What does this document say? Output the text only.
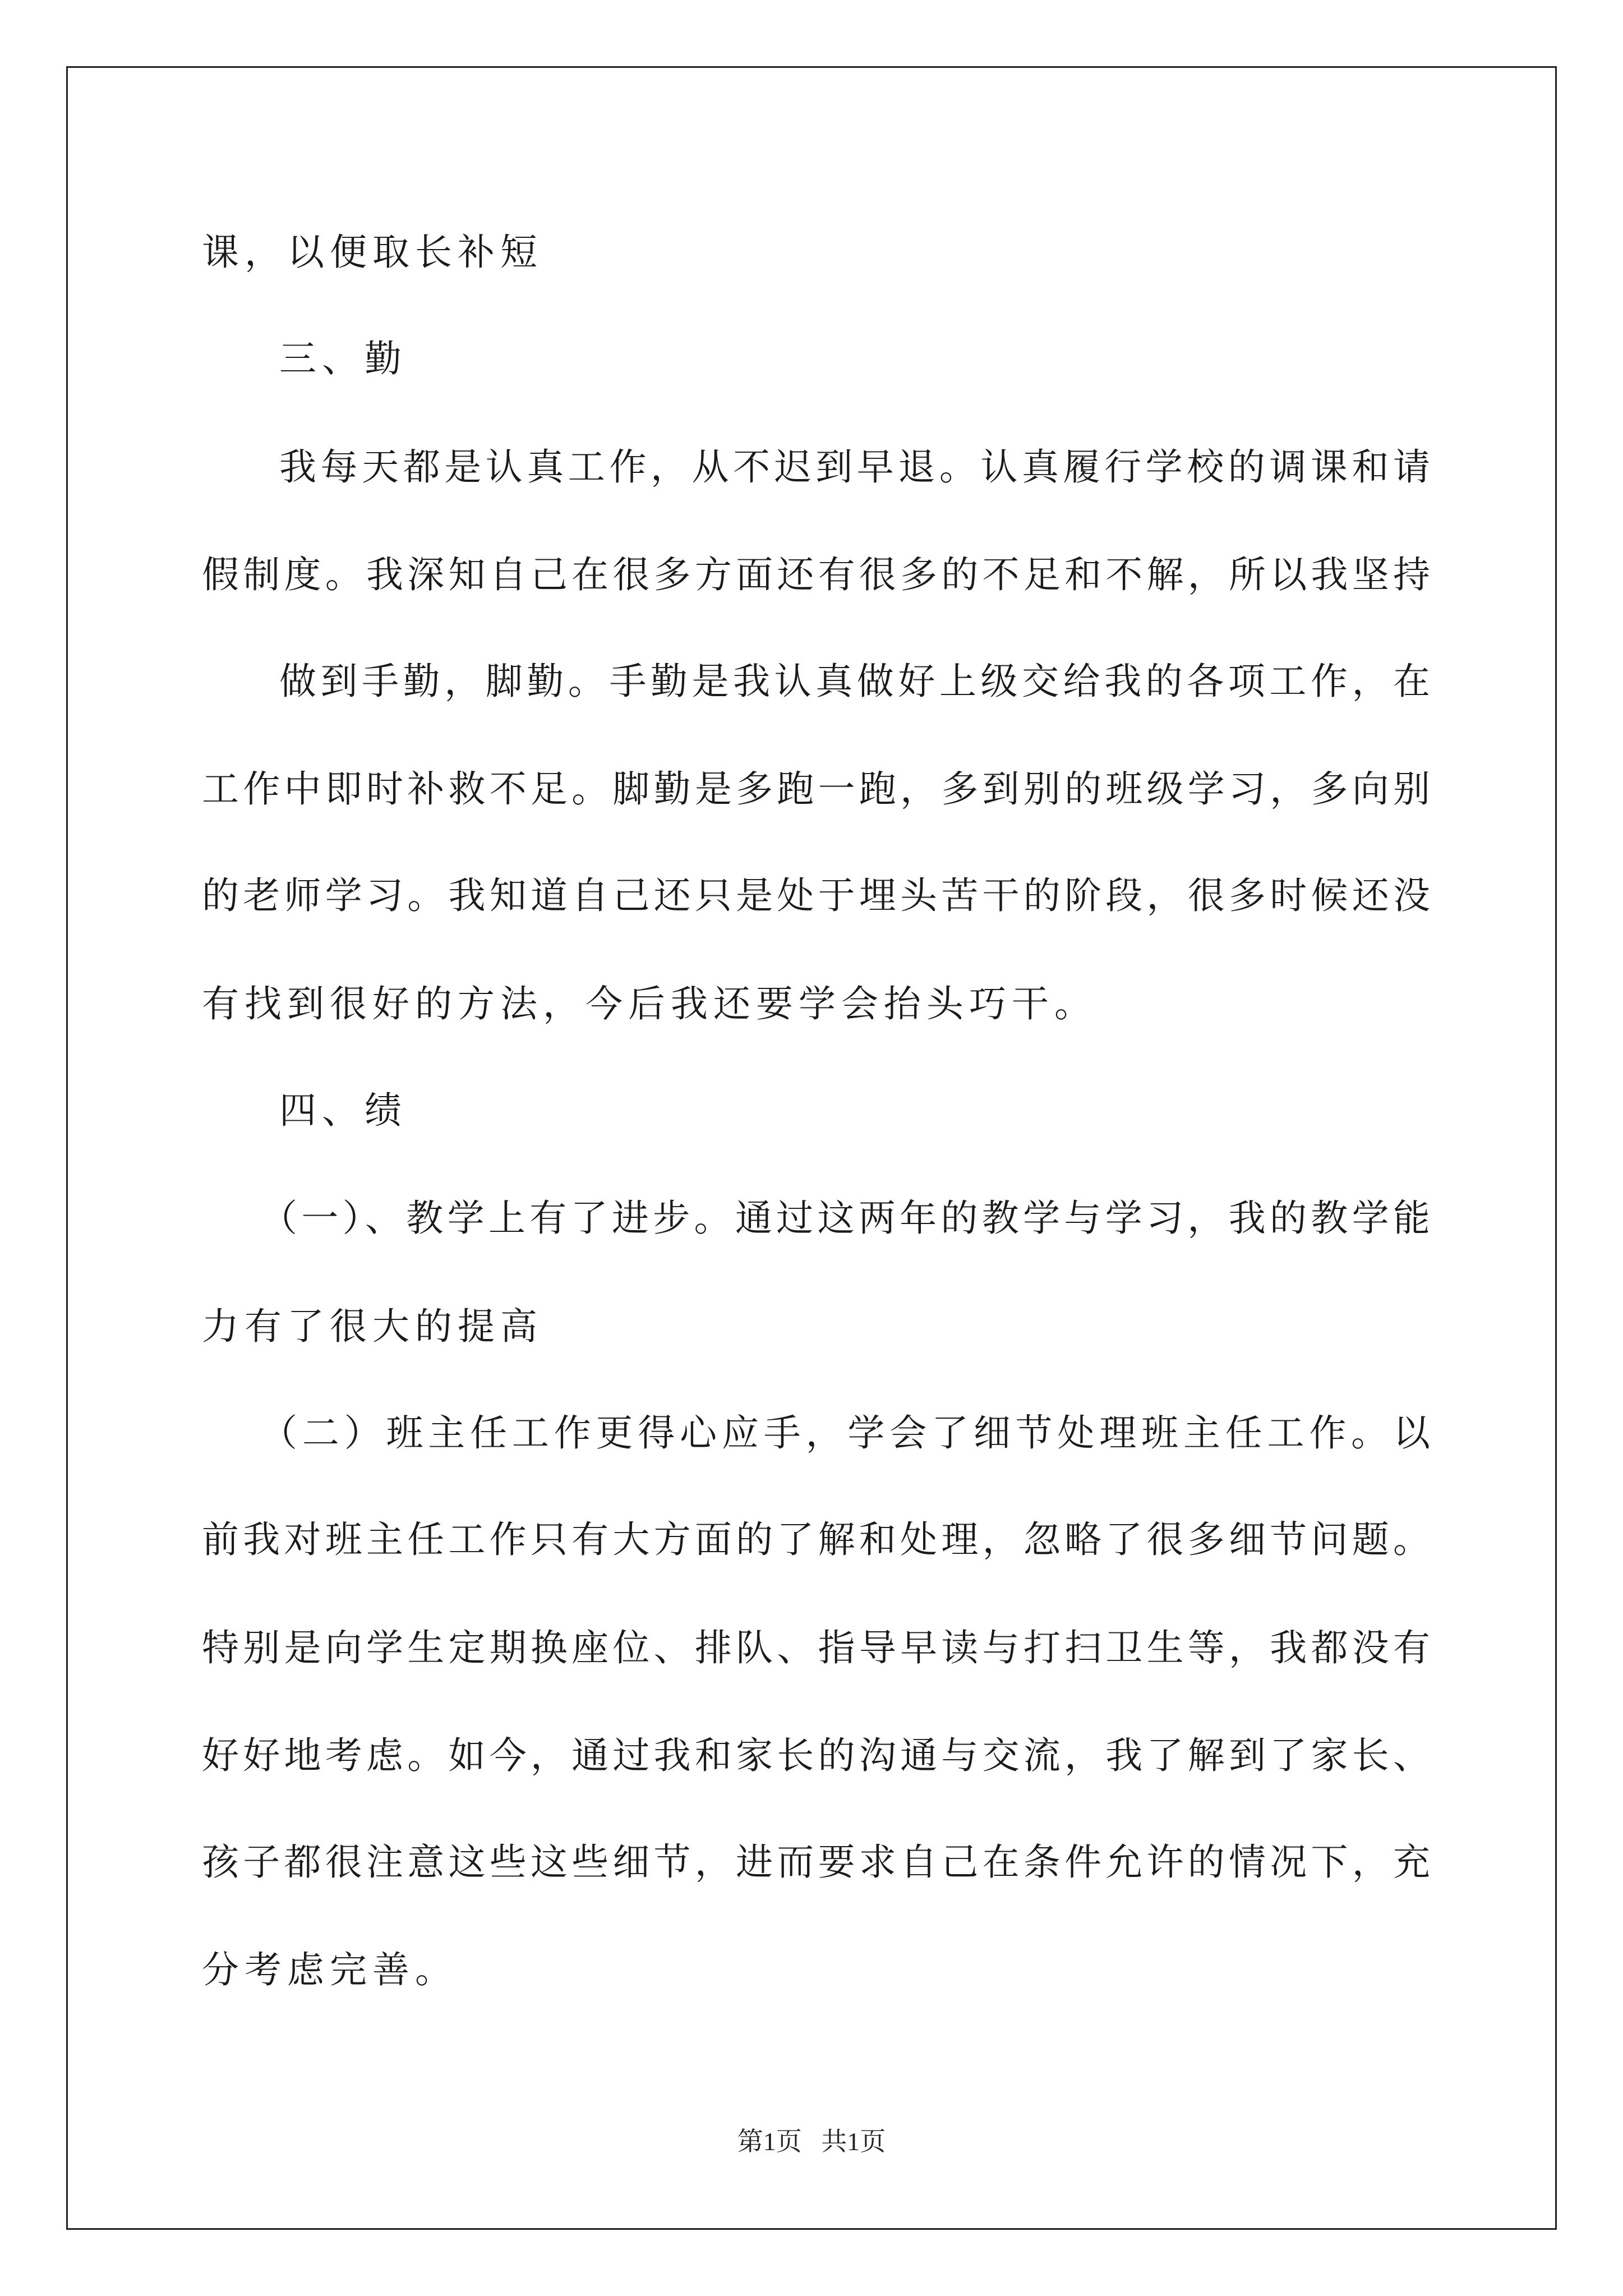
课，以便取长补短
三、勤
我每天都是认真工作，从不迟到早退。认真履行学校的调课和请
假制度。我深知自己在很多方面还有很多的不足和不解，所以我坚持
做到手勤，脚勤。手勤是我认真做好上级交给我的各项工作，在
工作中即时补救不足。脚勤是多跑一跑，多到别的班级学习，多向别
的老师学习。我知道自己还只是处于埋头苦干的阶段，很多时候还没
有找到很好的方法，今后我还要学会抬头巧干。
四、绩
（一）、教学上有了进步。通过这两年的教学与学习，我的教学能
力有了很大的提高
（二）班主任工作更得心应手，学会了细节处理班主任工作。以
前我对班主任工作只有大方面的了解和处理，忽略了很多细节问题。
特别是向学生定期换座位、排队、指导早读与打扫卫生等，我都没有
好好地考虑。如今，通过我和家长的沟通与交流，我了解到了家长、
孩子都很注意这些这些细节，进而要求自己在条件允许的情况下，充
分考虑完善。
第1页   共1页
